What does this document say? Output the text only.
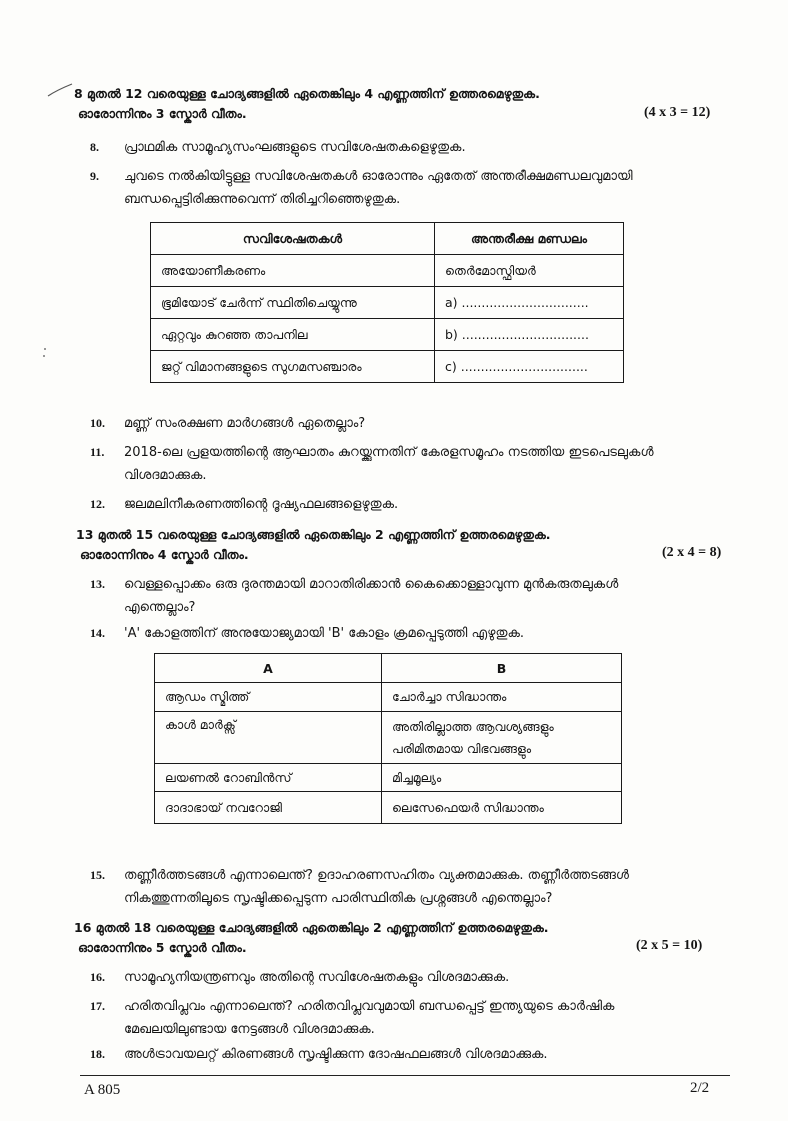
8 മുതൽ 12 വരെയുള്ള ചോദ്യങ്ങളിൽ ഏതെങ്കിലും 4 എണ്ണത്തിന് ഉത്തരമെഴുതുക.
ഓരോന്നിനും 3 സ്കോർ വീതം.	(4 x 3 = 12)
8.	പ്രാഥമിക സാമൂഹ്യസംഘങ്ങളുടെ സവിശേഷതകളെഴുതുക.
9.	ചുവടെ നൽകിയിട്ടുള്ള സവിശേഷതകൾ ഓരോന്നും ഏതേത് അന്തരീക്ഷമണ്ഡലവുമായി ബന്ധപ്പെട്ടിരിക്കുന്നുവെന്ന് തിരിച്ചറിഞ്ഞെഴുതുക.
സവിശേഷതകൾ	അന്തരീക്ഷ മണ്ഡലം
അയോണീകരണം	തെർമോസ്ഫിയർ
ഭൂമിയോട് ചേർന്ന് സ്ഥിതിചെയ്യുന്നു	a) ................................
ഏറ്റവും കുറഞ്ഞ താപനില	b) ................................
ജറ്റ് വിമാനങ്ങളുടെ സുഗമസഞ്ചാരം	c) ................................
10.	മണ്ണ് സംരക്ഷണ മാർഗങ്ങൾ ഏതെല്ലാം?
11.	2018-ലെ പ്രളയത്തിന്റെ ആഘാതം കുറയ്ക്കുന്നതിന് കേരളസമൂഹം നടത്തിയ ഇടപെടലുകൾ വിശദമാക്കുക.
12.	ജലമലിനീകരണത്തിന്റെ ദൂഷ്യഫലങ്ങളെഴുതുക.
13 മുതൽ 15 വരെയുള്ള ചോദ്യങ്ങളിൽ ഏതെങ്കിലും 2 എണ്ണത്തിന് ഉത്തരമെഴുതുക.
ഓരോന്നിനും 4 സ്കോർ വീതം.	(2 x 4 = 8)
13.	വെള്ളപ്പൊക്കം ഒരു ദുരന്തമായി മാറാതിരിക്കാൻ കൈക്കൊള്ളാവുന്ന മുൻകരുതലുകൾ എന്തെല്ലാം?
14.	'A' കോളത്തിന് അനുയോജ്യമായി 'B' കോളം ക്രമപ്പെടുത്തി എഴുതുക.
A	B
ആഡം സ്മിത്ത്	ചോർച്ചാ സിദ്ധാന്തം
കാൾ മാർക്സ്	അതിരില്ലാത്ത ആവശ്യങ്ങളും പരിമിതമായ വിഭവങ്ങളും
ലയണൽ റോബിൻസ്	മിച്ചമൂല്യം
ദാദാഭായ് നവറോജി	ലെസേഫെയർ സിദ്ധാന്തം
15.	തണ്ണീർത്തടങ്ങൾ എന്നാലെന്ത്? ഉദാഹരണസഹിതം വ്യക്തമാക്കുക. തണ്ണീർത്തടങ്ങൾ നികത്തുന്നതിലൂടെ സൃഷ്ടിക്കപ്പെടുന്ന പാരിസ്ഥിതിക പ്രശ്നങ്ങൾ എന്തെല്ലാം?
16 മുതൽ 18 വരെയുള്ള ചോദ്യങ്ങളിൽ ഏതെങ്കിലും 2 എണ്ണത്തിന് ഉത്തരമെഴുതുക.
ഓരോന്നിനും 5 സ്കോർ വീതം.	(2 x 5 = 10)
16.	സാമൂഹ്യനിയന്ത്രണവും അതിന്റെ സവിശേഷതകളും വിശദമാക്കുക.
17.	ഹരിതവിപ്ലവം എന്നാലെന്ത്? ഹരിതവിപ്ലവവുമായി ബന്ധപ്പെട്ട് ഇന്ത്യയുടെ കാർഷിക മേഖലയിലുണ്ടായ നേട്ടങ്ങൾ വിശദമാക്കുക.
18.	അൾട്രാവയലറ്റ് കിരണങ്ങൾ സൃഷ്ടിക്കുന്ന ദോഷഫലങ്ങൾ വിശദമാക്കുക.
A 805	2/2
